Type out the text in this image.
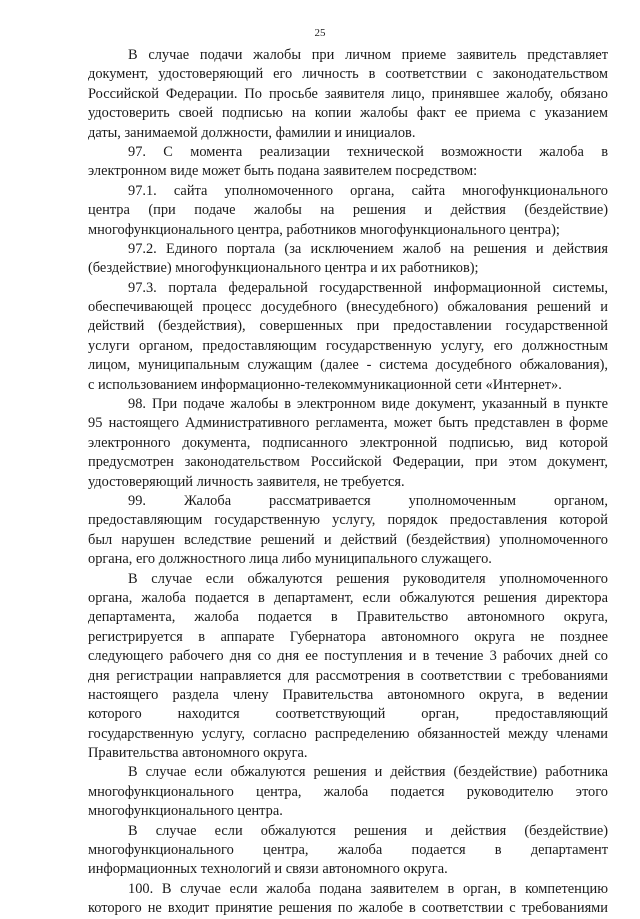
25
В случае подачи жалобы при личном приеме заявитель представляет
документ, удостоверяющий его личность в соответствии с законодательством
Российской Федерации. По просьбе заявителя лицо, принявшее жалобу, обязано
удостоверить своей подписью на копии жалобы факт ее приема с указанием
даты, занимаемой должности, фамилии и инициалов.
97. С момента реализации технической возможности жалоба в
электронном виде может быть подана заявителем посредством:
97.1. сайта уполномоченного органа, сайта многофункционального
центра (при подаче жалобы на решения и действия (бездействие)
многофункционального центра, работников многофункционального центра);
97.2. Единого портала (за исключением жалоб на решения и действия
(бездействие) многофункционального центра и их работников);
97.3. портала федеральной государственной информационной системы,
обеспечивающей процесс досудебного (внесудебного) обжалования решений и
действий (бездействия), совершенных при предоставлении государственной
услуги органом, предоставляющим государственную услугу, его должностным
лицом, муниципальным служащим (далее - система досудебного обжалования),
с использованием информационно-телекоммуникационной сети «Интернет».
98. При подаче жалобы в электронном виде документ, указанный в пункте
95 настоящего Административного регламента, может быть представлен в форме
электронного документа, подписанного электронной подписью, вид которой
предусмотрен законодательством Российской Федерации, при этом документ,
удостоверяющий личность заявителя, не требуется.
99. Жалоба рассматривается уполномоченным органом,
предоставляющим государственную услугу, порядок предоставления которой
был нарушен вследствие решений и действий (бездействия) уполномоченного
органа, его должностного лица либо муниципального служащего.
В случае если обжалуются решения руководителя уполномоченного
органа, жалоба подается в департамент, если обжалуются решения директора
департамента, жалоба подается в Правительство автономного округа,
регистрируется в аппарате Губернатора автономного округа не позднее
следующего рабочего дня со дня ее поступления и в течение 3 рабочих дней со
дня регистрации направляется для рассмотрения в соответствии с требованиями
настоящего раздела члену Правительства автономного округа, в ведении
которого находится соответствующий орган, предоставляющий
государственную услугу, согласно распределению обязанностей между членами
Правительства автономного округа.
В случае если обжалуются решения и действия (бездействие) работника
многофункционального центра, жалоба подается руководителю этого
многофункционального центра.
В случае если обжалуются решения и действия (бездействие)
многофункционального центра, жалоба подается в департамент
информационных технологий и связи автономного округа.
100. В случае если жалоба подана заявителем в орган, в компетенцию
которого не входит принятие решения по жалобе в соответствии с требованиями
